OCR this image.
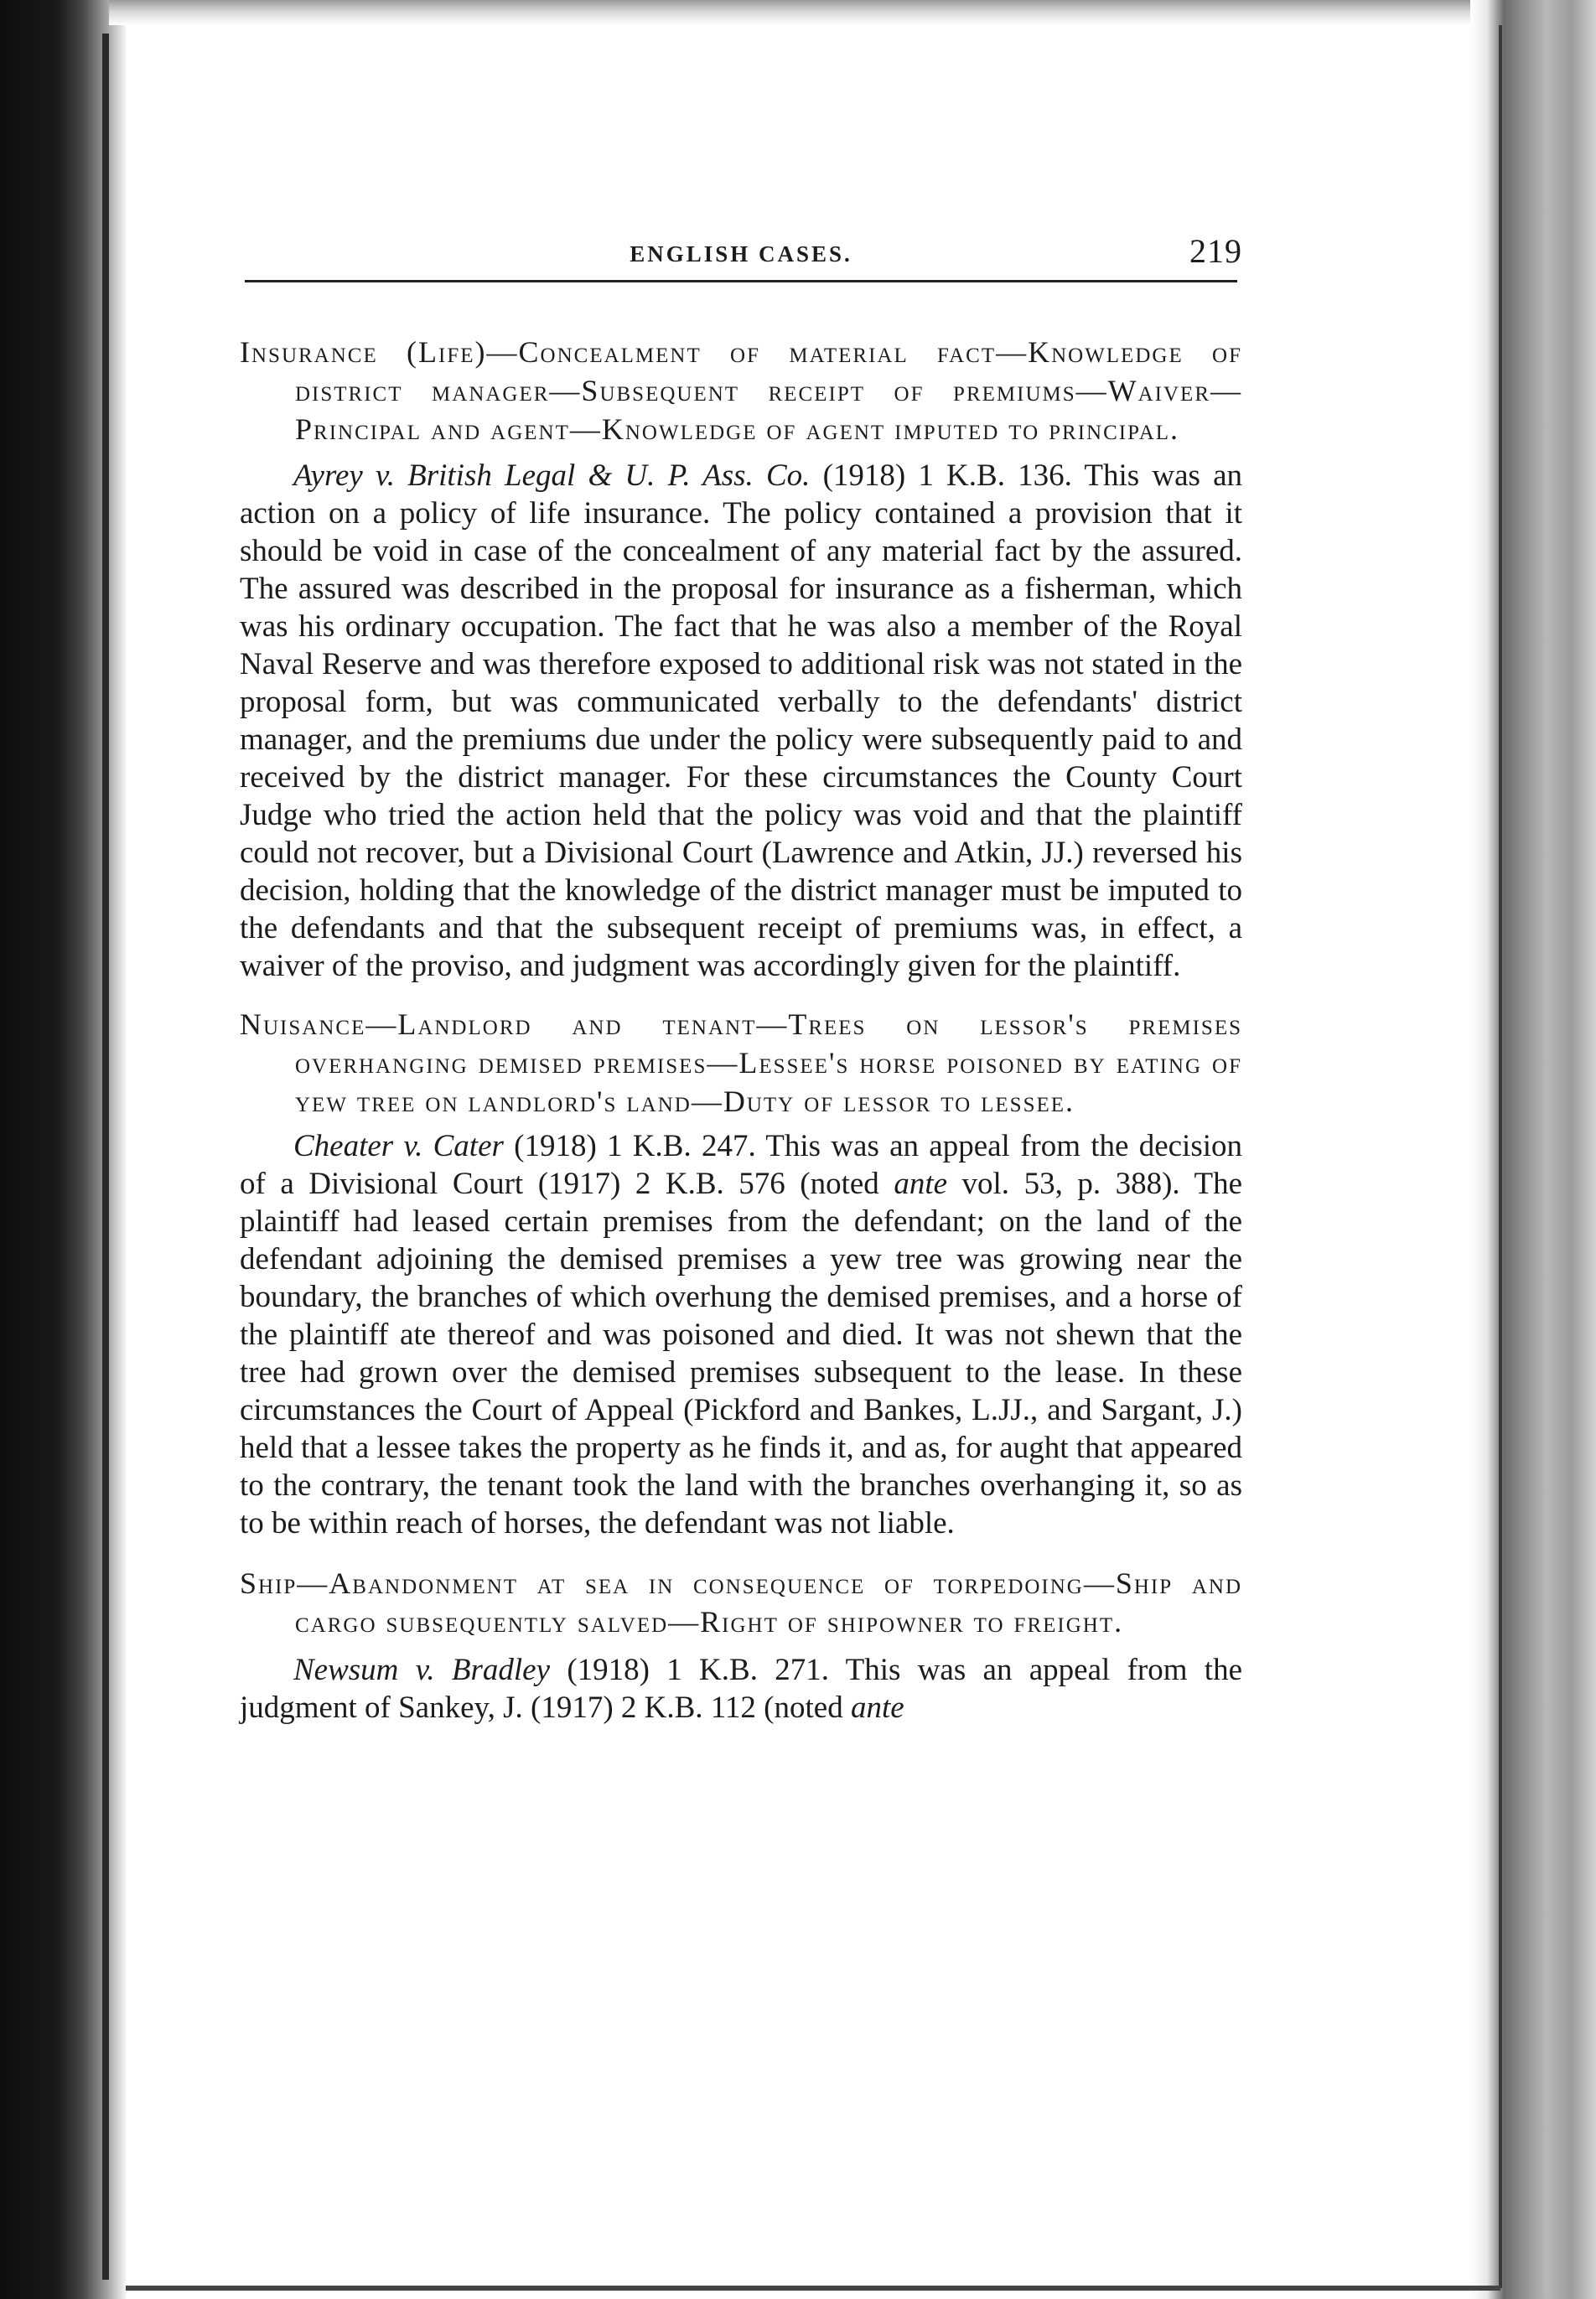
ENGLISH CASES.	219

Insurance (Life)—Concealment of material fact—Knowledge of district manager—Subsequent receipt of premiums—Waiver—Principal and agent—Knowledge of agent imputed to principal.

Ayrey v. British Legal & U. P. Ass. Co. (1918) 1 K.B. 136. This was an action on a policy of life insurance. The policy contained a provision that it should be void in case of the concealment of any material fact by the assured. The assured was described in the proposal for insurance as a fisherman, which was his ordinary occupation. The fact that he was also a member of the Royal Naval Reserve and was therefore exposed to additional risk was not stated in the proposal form, but was communicated verbally to the defendants' district manager, and the premiums due under the policy were subsequently paid to and received by the district manager. For these circumstances the County Court Judge who tried the action held that the policy was void and that the plaintiff could not recover, but a Divisional Court (Lawrence and Atkin, JJ.) reversed his decision, holding that the knowledge of the district manager must be imputed to the defendants and that the subsequent receipt of premiums was, in effect, a waiver of the proviso, and judgment was accordingly given for the plaintiff.

Nuisance—Landlord and tenant—Trees on lessor's premises overhanging demised premises—Lessee's horse poisoned by eating of yew tree on landlord's land—Duty of lessor to lessee.

Cheater v. Cater (1918) 1 K.B. 247. This was an appeal from the decision of a Divisional Court (1917) 2 K.B. 576 (noted ante vol. 53, p. 388). The plaintiff had leased certain premises from the defendant; on the land of the defendant adjoining the demised premises a yew tree was growing near the boundary, the branches of which overhung the demised premises, and a horse of the plaintiff ate thereof and was poisoned and died. It was not shewn that the tree had grown over the demised premises subsequent to the lease. In these circumstances the Court of Appeal (Pickford and Bankes, L.JJ., and Sargant, J.) held that a lessee takes the property as he finds it, and as, for aught that appeared to the contrary, the tenant took the land with the branches overhanging it, so as to be within reach of horses, the defendant was not liable.

Ship—Abandonment at sea in consequence of torpedoing—Ship and cargo subsequently salved—Right of shipowner to freight.

Newsum v. Bradley (1918) 1 K.B. 271. This was an appeal from the judgment of Sankey, J. (1917) 2 K.B. 112 (noted ante
